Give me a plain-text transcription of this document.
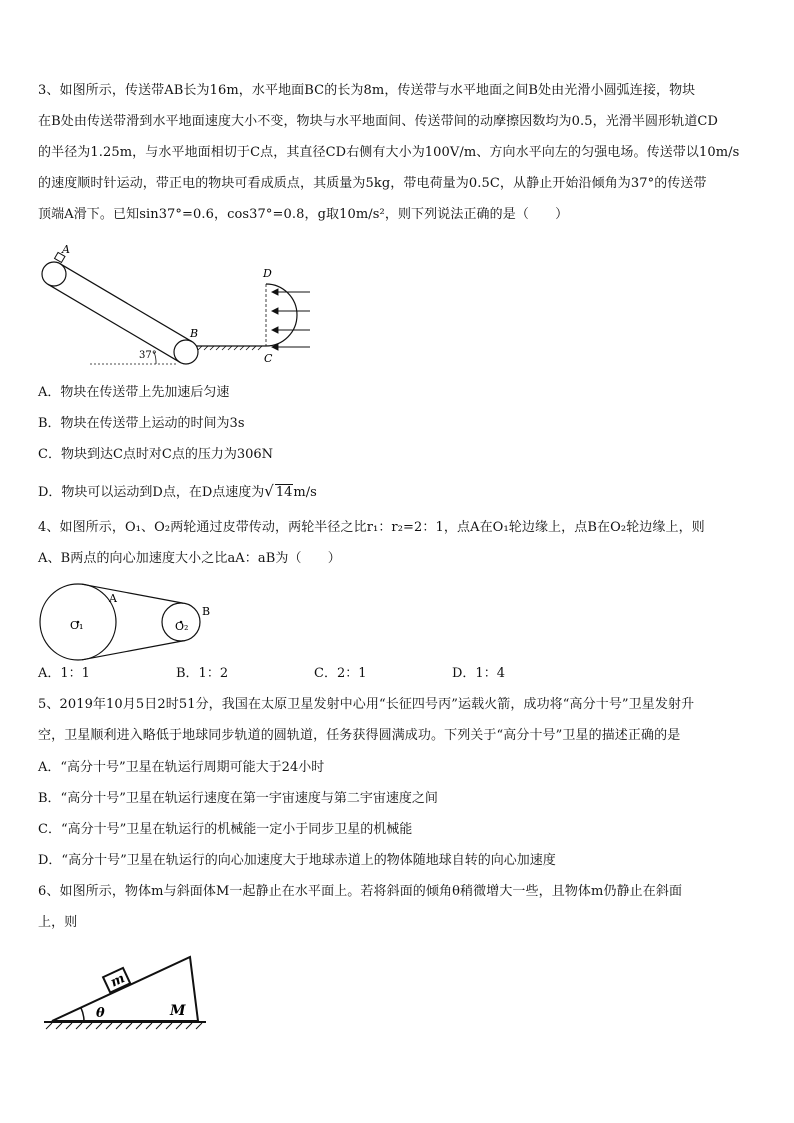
3、如图所示，传送带AB长为16m，水平地面BC的长为8m，传送带与水平地面之间B处由光滑小圆弧连接，物块
在B处由传送带滑到水平地面速度大小不变，物块与水平地面间、传送带间的动摩擦因数均为0.5，光滑半圆形轨道CD
的半径为1.25m，与水平地面相切于C点，其直径CD右侧有大小为100V/m、方向水平向左的匀强电场。传送带以10m/s
的速度顺时针运动，带正电的物块可看成质点，其质量为5kg，带电荷量为0.5C，从静止开始沿倾角为37°的传送带
顶端A滑下。已知sin37°=0.6，cos37°=0.8，g取10m/s²，则下列说法正确的是（　　）
A
B
37°
D
C
A．物块在传送带上先加速后匀速
B．物块在传送带上运动的时间为3s
C．物块到达C点时对C点的压力为306N
D．物块可以运动到D点，在D点速度为√ 14m/s
4、如图所示，O₁、O₂两轮通过皮带传动，两轮半径之比r₁：r₂=2：1，点A在O₁轮边缘上，点B在O₂轮边缘上，则
A、B两点的向心加速度大小之比aA：aB为（　　）
O₁	O₂
A
B
A．1：1	B．1：2	C．2：1	D．1：4
5、2019年10月5日2时51分，我国在太原卫星发射中心用“长征四号丙”运载火箭，成功将“高分十号”卫星发射升
空，卫星顺利进入略低于地球同步轨道的圆轨道，任务获得圆满成功。下列关于“高分十号”卫星的描述正确的是
A．“高分十号”卫星在轨运行周期可能大于24小时
B．“高分十号”卫星在轨运行速度在第一宇宙速度与第二宇宙速度之间
C．“高分十号”卫星在轨运行的机械能一定小于同步卫星的机械能
D．“高分十号”卫星在轨运行的向心加速度大于地球赤道上的物体随地球自转的向心加速度
6、如图所示，物体m与斜面体M一起静止在水平面上。若将斜面的倾角θ稍微增大一些，且物体m仍静止在斜面
上，则
m
θ	M
